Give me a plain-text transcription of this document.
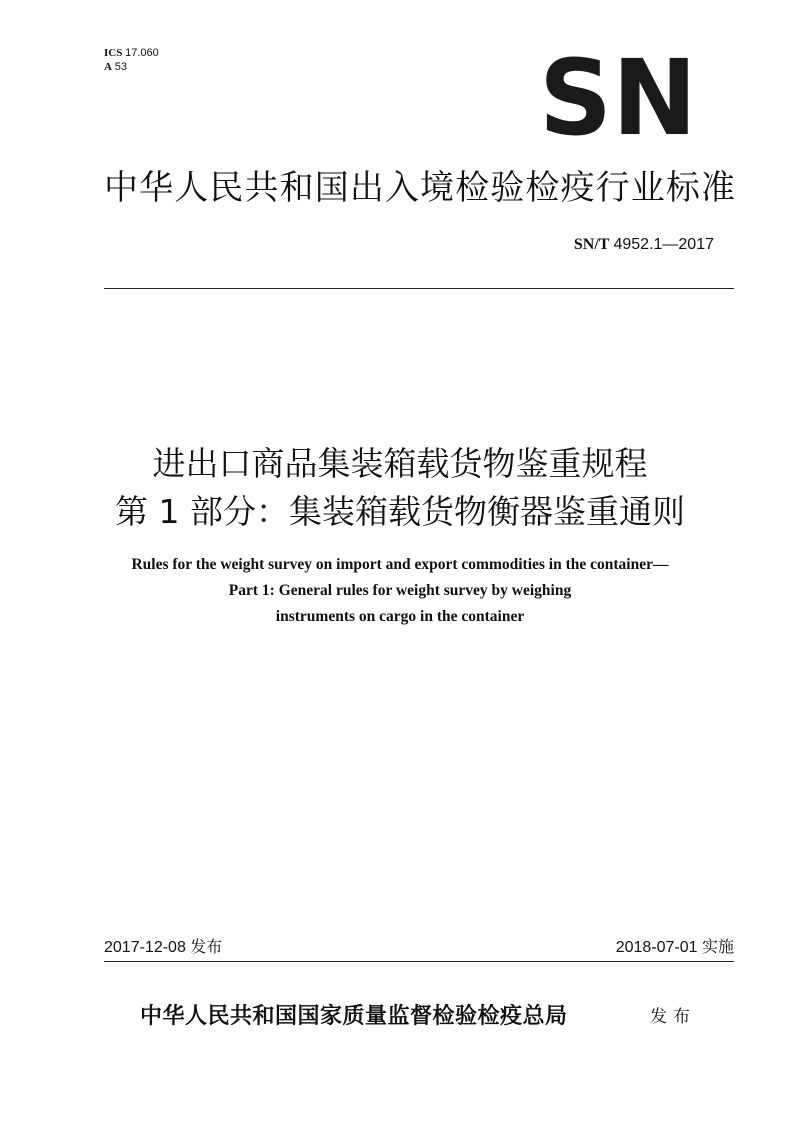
ICS 17.060
A 53	SN
中华人民共和国出入境检验检疫行业标准
SN/T 4952.1—2017
进出口商品集装箱载货物鉴重规程
第 1 部分：集装箱载货物衡器鉴重通则
Rules for the weight survey on import and export commodities in the container—
Part 1: General rules for weight survey by weighing
instruments on cargo in the container
2017-12-08 发布	2018-07-01 实施
中华人民共和国国家质量监督检验检疫总局	发布
